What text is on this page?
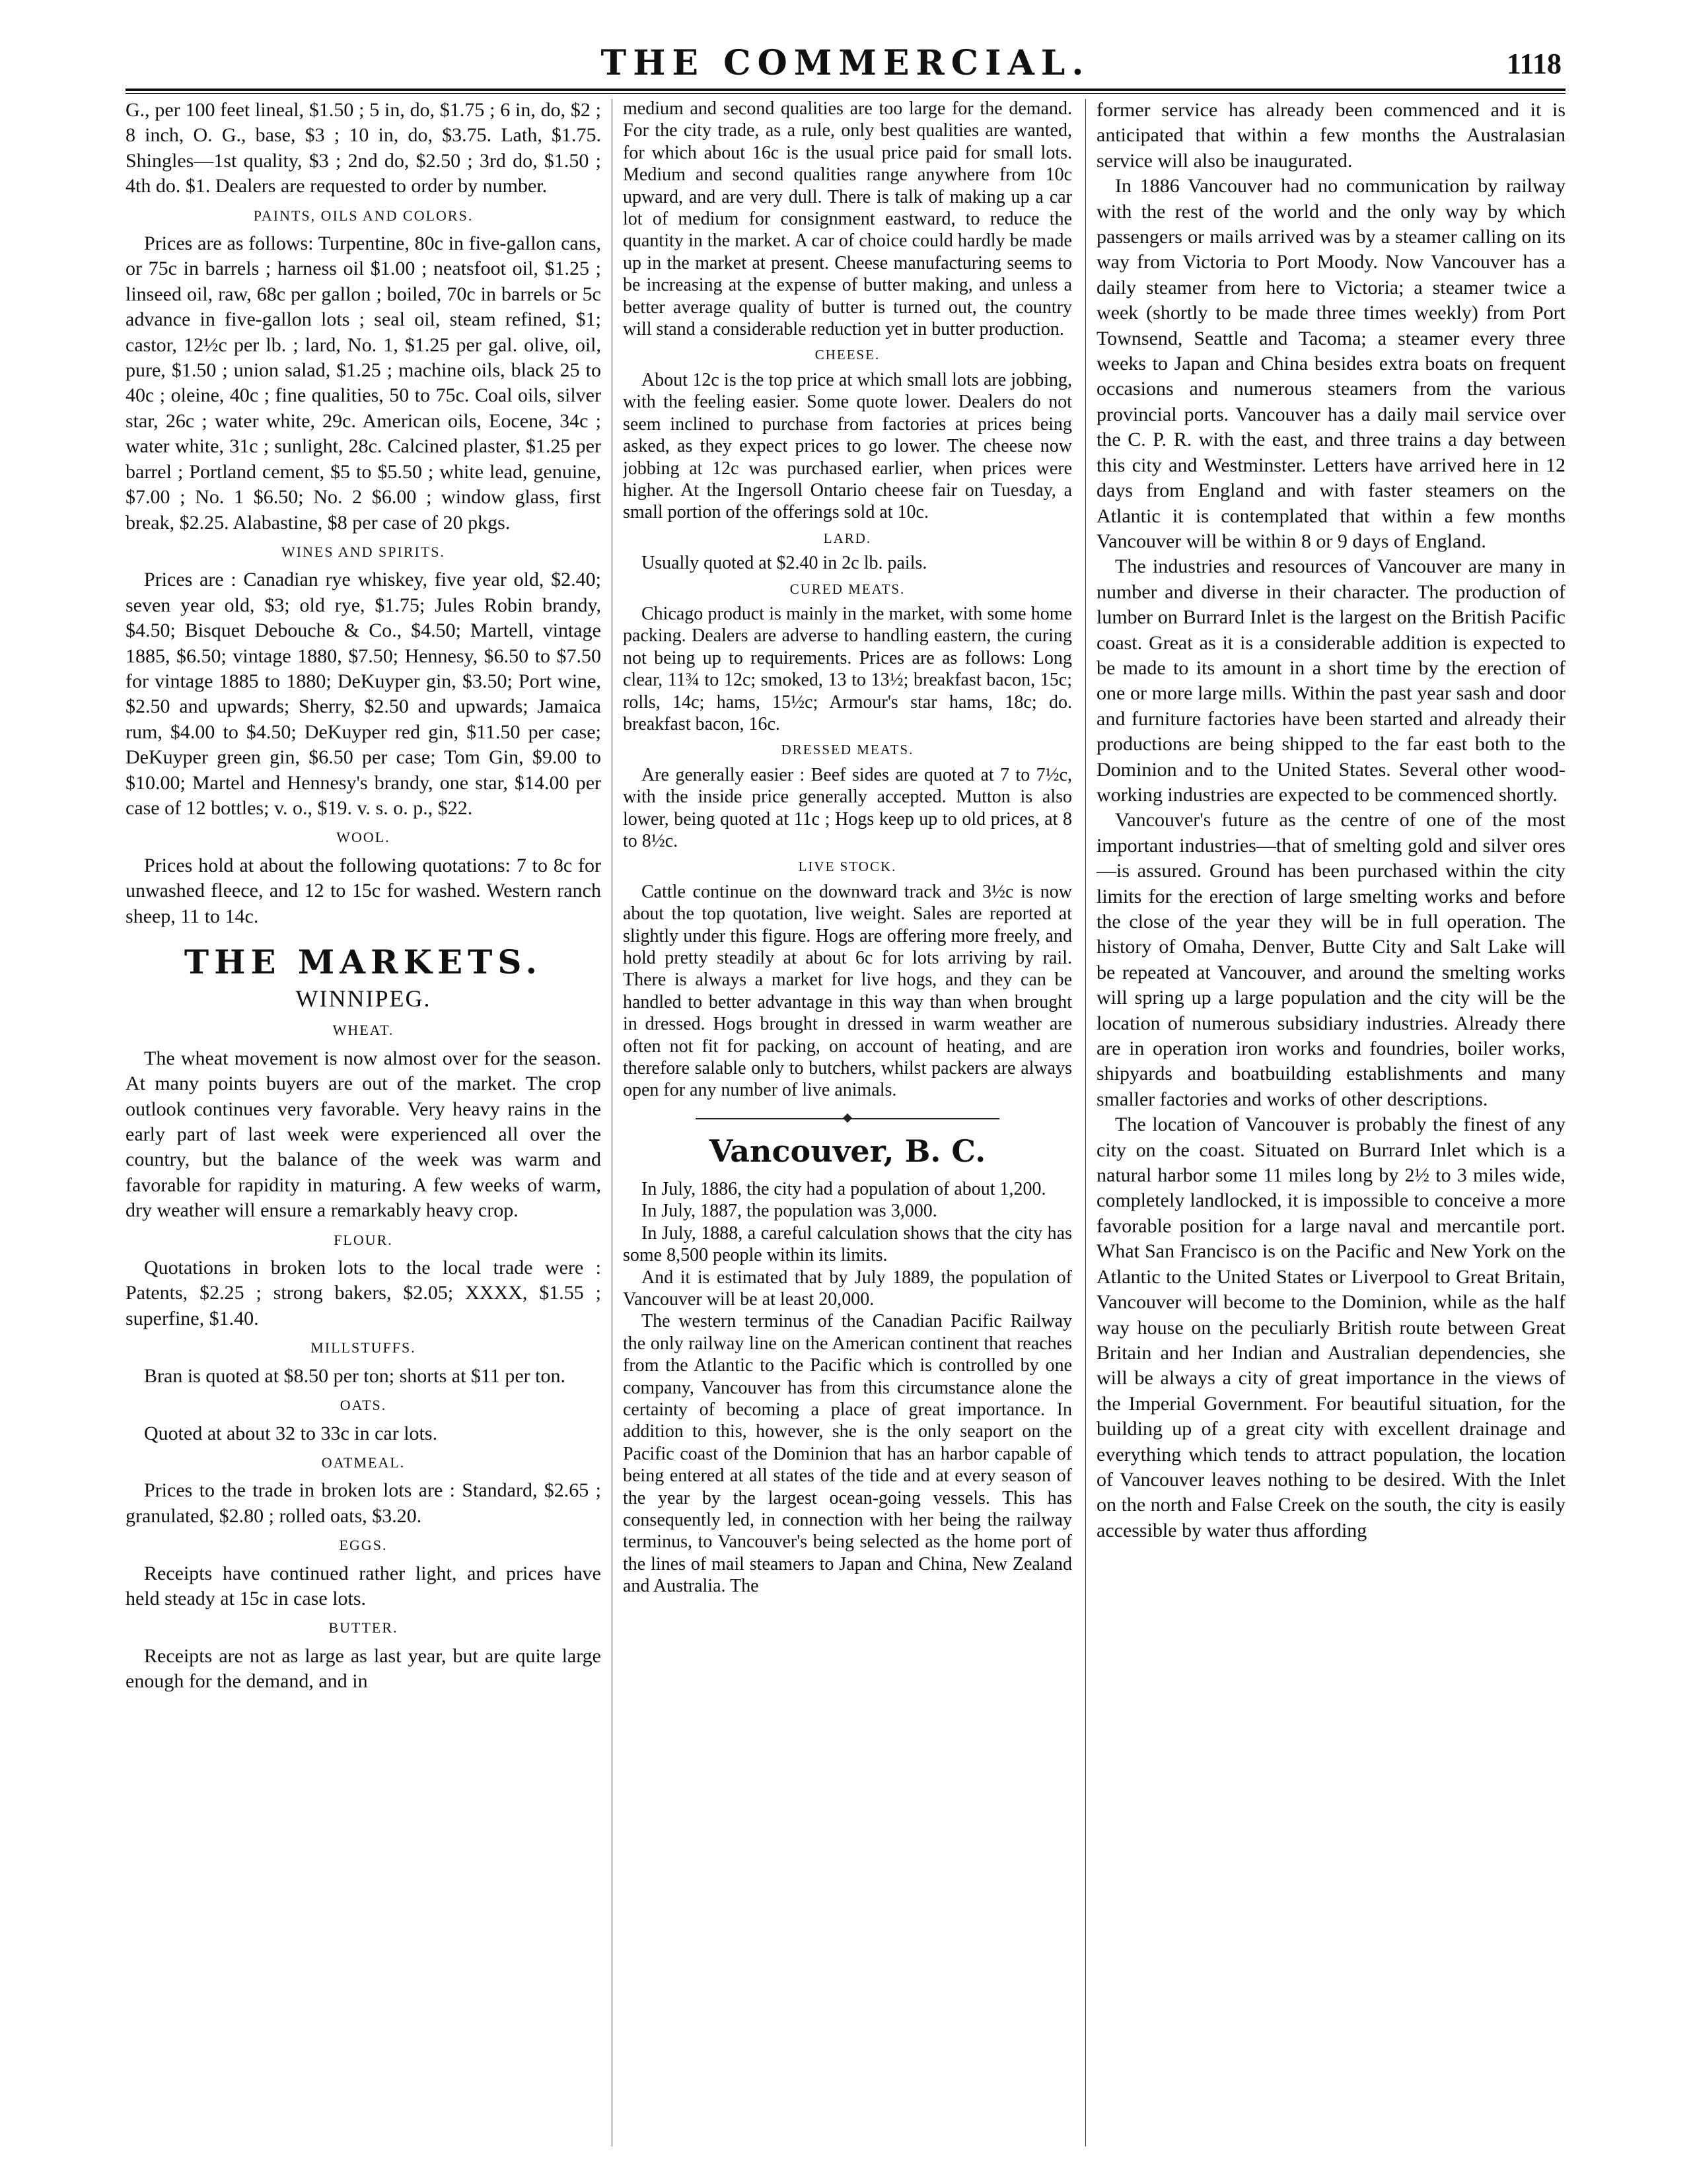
THE COMMERCIAL.	1118

G., per 100 feet lineal, $1.50 ; 5 in, do, $1.75 ; 6 in, do, $2 ; 8 inch, O. G., base, $3 ; 10 in, do, $3.75. Lath, $1.75. Shingles—1st quality, $3 ; 2nd do, $2.50 ; 3rd do, $1.50 ; 4th do. $1. Dealers are requested to order by number.

PAINTS, OILS AND COLORS.

Prices are as follows: Turpentine, 80c in five-gallon cans, or 75c in barrels ; harness oil $1.00 ; neatsfoot oil, $1.25 ; linseed oil, raw, 68c per gallon ; boiled, 70c in barrels or 5c advance in five-gallon lots ; seal oil, steam refined, $1; castor, 12½c per lb. ; lard, No. 1, $1.25 per gal. olive, oil, pure, $1.50 ; union salad, $1.25 ; machine oils, black 25 to 40c ; oleine, 40c ; fine qualities, 50 to 75c. Coal oils, silver star, 26c ; water white, 29c. American oils, Eocene, 34c ; water white, 31c ; sunlight, 28c. Calcined plaster, $1.25 per barrel ; Portland cement, $5 to $5.50 ; white lead, genuine, $7.00 ; No. 1 $6.50; No. 2 $6.00 ; window glass, first break, $2.25. Alabastine, $8 per case of 20 pkgs.

WINES AND SPIRITS.

Prices are : Canadian rye whiskey, five year old, $2.40; seven year old, $3; old rye, $1.75; Jules Robin brandy, $4.50; Bisquet Debouche & Co., $4.50; Martell, vintage 1885, $6.50; vintage 1880, $7.50; Hennesy, $6.50 to $7.50 for vintage 1885 to 1880; DeKuyper gin, $3.50; Port wine, $2.50 and upwards; Sherry, $2.50 and upwards; Jamaica rum, $4.00 to $4.50; DeKuyper red gin, $11.50 per case; DeKuyper green gin, $6.50 per case; Tom Gin, $9.00 to $10.00; Martel and Hennesy's brandy, one star, $14.00 per case of 12 bottles; v. o., $19. v. s. o. p., $22.

WOOL.

Prices hold at about the following quotations: 7 to 8c for unwashed fleece, and 12 to 15c for washed. Western ranch sheep, 11 to 14c.

THE MARKETS.

WINNIPEG.

WHEAT.

The wheat movement is now almost over for the season. At many points buyers are out of the market. The crop outlook continues very favorable. Very heavy rains in the early part of last week were experienced all over the country, but the balance of the week was warm and favorable for rapidity in maturing. A few weeks of warm, dry weather will ensure a remarkably heavy crop.

FLOUR.

Quotations in broken lots to the local trade were : Patents, $2.25 ; strong bakers, $2.05; XXXX, $1.55 ; superfine, $1.40.

MILLSTUFFS.

Bran is quoted at $8.50 per ton; shorts at $11 per ton.

OATS.

Quoted at about 32 to 33c in car lots.

OATMEAL.

Prices to the trade in broken lots are : Standard, $2.65 ; granulated, $2.80 ; rolled oats, $3.20.

EGGS.

Receipts have continued rather light, and prices have held steady at 15c in case lots.

BUTTER.

Receipts are not as large as last year, but are quite large enough for the demand, and in

medium and second qualities are too large for the demand. For the city trade, as a rule, only best qualities are wanted, for which about 16c is the usual price paid for small lots. Medium and second qualities range anywhere from 10c upward, and are very dull. There is talk of making up a car lot of medium for consignment eastward, to reduce the quantity in the market. A car of choice could hardly be made up in the market at present. Cheese manufacturing seems to be increasing at the expense of butter making, and unless a better average quality of butter is turned out, the country will stand a considerable reduction yet in butter production.

CHEESE.

About 12c is the top price at which small lots are jobbing, with the feeling easier. Some quote lower. Dealers do not seem inclined to purchase from factories at prices being asked, as they expect prices to go lower. The cheese now jobbing at 12c was purchased earlier, when prices were higher. At the Ingersoll Ontario cheese fair on Tuesday, a small portion of the offerings sold at 10c.

LARD.

Usually quoted at $2.40 in 2c lb. pails.

CURED MEATS.

Chicago product is mainly in the market, with some home packing. Dealers are adverse to handling eastern, the curing not being up to requirements. Prices are as follows: Long clear, 11¾ to 12c; smoked, 13 to 13½; breakfast bacon, 15c; rolls, 14c; hams, 15½c; Armour's star hams, 18c; do. breakfast bacon, 16c.

DRESSED MEATS.

Are generally easier : Beef sides are quoted at 7 to 7½c, with the inside price generally accepted. Mutton is also lower, being quoted at 11c ; Hogs keep up to old prices, at 8 to 8½c.

LIVE STOCK.

Cattle continue on the downward track and 3½c is now about the top quotation, live weight. Sales are reported at slightly under this figure. Hogs are offering more freely, and hold pretty steadily at about 6c for lots arriving by rail. There is always a market for live hogs, and they can be handled to better advantage in this way than when brought in dressed. Hogs brought in dressed in warm weather are often not fit for packing, on account of heating, and are therefore salable only to butchers, whilst packers are always open for any number of live animals.

Vancouver, B. C.

In July, 1886, the city had a population of about 1,200.

In July, 1887, the population was 3,000.

In July, 1888, a careful calculation shows that the city has some 8,500 people within its limits.

And it is estimated that by July 1889, the population of Vancouver will be at least 20,000.

The western terminus of the Canadian Pacific Railway the only railway line on the American continent that reaches from the Atlantic to the Pacific which is controlled by one company, Vancouver has from this circumstance alone the certainty of becoming a place of great importance. In addition to this, however, she is the only seaport on the Pacific coast of the Dominion that has an harbor capable of being entered at all states of the tide and at every season of the year by the largest ocean-going vessels. This has consequently led, in connection with her being the railway terminus, to Vancouver's being selected as the home port of the lines of mail steamers to Japan and China, New Zealand and Australia. The

former service has already been commenced and it is anticipated that within a few months the Australasian service will also be inaugurated.

In 1886 Vancouver had no communication by railway with the rest of the world and the only way by which passengers or mails arrived was by a steamer calling on its way from Victoria to Port Moody. Now Vancouver has a daily steamer from here to Victoria; a steamer twice a week (shortly to be made three times weekly) from Port Townsend, Seattle and Tacoma; a steamer every three weeks to Japan and China besides extra boats on frequent occasions and numerous steamers from the various provincial ports. Vancouver has a daily mail service over the C. P. R. with the east, and three trains a day between this city and Westminster. Letters have arrived here in 12 days from England and with faster steamers on the Atlantic it is contemplated that within a few months Vancouver will be within 8 or 9 days of England.

The industries and resources of Vancouver are many in number and diverse in their character. The production of lumber on Burrard Inlet is the largest on the British Pacific coast. Great as it is a considerable addition is expected to be made to its amount in a short time by the erection of one or more large mills. Within the past year sash and door and furniture factories have been started and already their productions are being shipped to the far east both to the Dominion and to the United States. Several other wood-working industries are expected to be commenced shortly.

Vancouver's future as the centre of one of the most important industries—that of smelting gold and silver ores—is assured. Ground has been purchased within the city limits for the erection of large smelting works and before the close of the year they will be in full operation. The history of Omaha, Denver, Butte City and Salt Lake will be repeated at Vancouver, and around the smelting works will spring up a large population and the city will be the location of numerous subsidiary industries. Already there are in operation iron works and foundries, boiler works, shipyards and boatbuilding establishments and many smaller factories and works of other descriptions.

The location of Vancouver is probably the finest of any city on the coast. Situated on Burrard Inlet which is a natural harbor some 11 miles long by 2½ to 3 miles wide, completely landlocked, it is impossible to conceive a more favorable position for a large naval and mercantile port. What San Francisco is on the Pacific and New York on the Atlantic to the United States or Liverpool to Great Britain, Vancouver will become to the Dominion, while as the half way house on the peculiarly British route between Great Britain and her Indian and Australian dependencies, she will be always a city of great importance in the views of the Imperial Government. For beautiful situation, for the building up of a great city with excellent drainage and everything which tends to attract population, the location of Vancouver leaves nothing to be desired. With the Inlet on the north and False Creek on the south, the city is easily accessible by water thus affording
